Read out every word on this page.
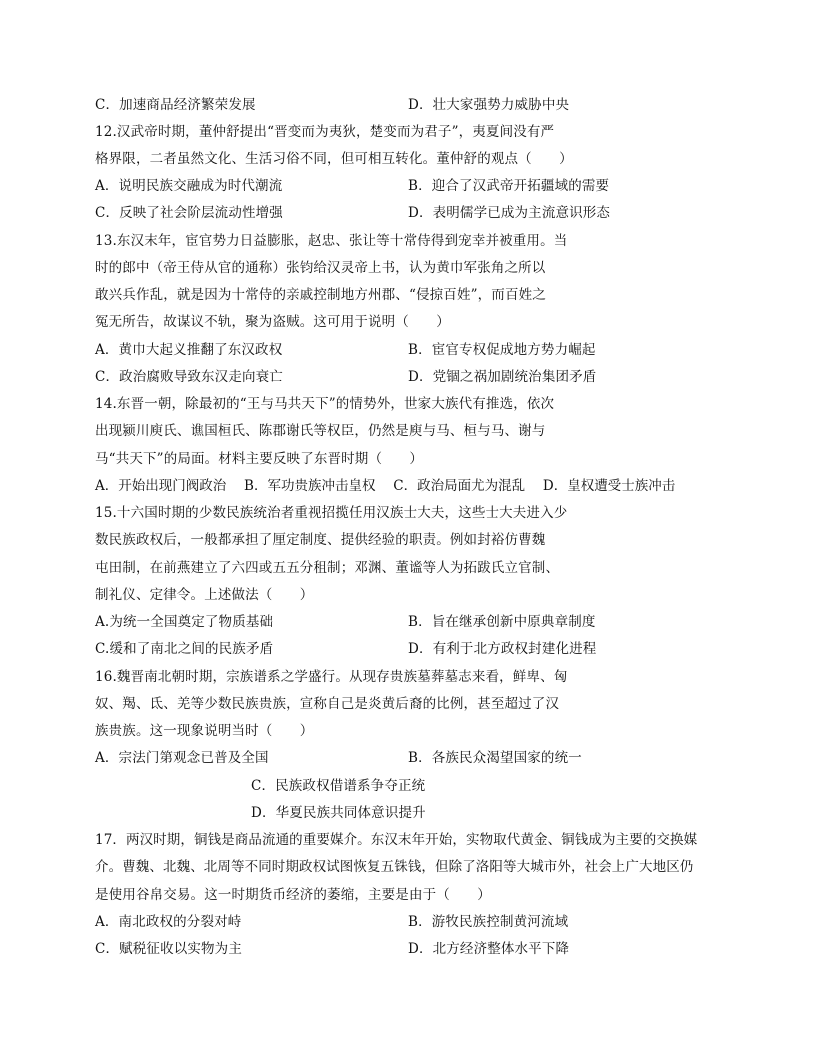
C．加速商品经济繁荣发展	D．壮大家强势力威胁中央
12.汉武帝时期，董仲舒提出“晋变而为夷狄，楚变而为君子”，夷夏间没有严
格界限，二者虽然文化、生活习俗不同，但可相互转化。董仲舒的观点（　　）
A．说明民族交融成为时代潮流	B．迎合了汉武帝开拓疆域的需要
C．反映了社会阶层流动性增强	D．表明儒学已成为主流意识形态
13.东汉末年，宦官势力日益膨胀，赵忠、张让等十常侍得到宠幸并被重用。当
时的郎中（帝王侍从官的通称）张钧给汉灵帝上书，认为黄巾军张角之所以
敢兴兵作乱，就是因为十常侍的亲戚控制地方州郡、“侵掠百姓”，而百姓之
冤无所告，故谋议不轨，聚为盗贼。这可用于说明（　　）
A．黄巾大起义推翻了东汉政权	B．宦官专权促成地方势力崛起
C．政治腐败导致东汉走向衰亡	D．党锢之祸加剧统治集团矛盾
14.东晋一朝，除最初的“王与马共天下”的情势外，世家大族代有推选，依次
出现颍川庾氏、谯国桓氏、陈郡谢氏等权臣，仍然是庾与马、桓与马、谢与
马“共天下”的局面。材料主要反映了东晋时期（　　）
A．开始出现门阀政治　 B．军功贵族冲击皇权　 C．政治局面尤为混乱　 D．皇权遭受士族冲击
15.十六国时期的少数民族统治者重视招揽任用汉族士大夫，这些士大夫进入少
数民族政权后，一般都承担了厘定制度、提供经验的职责。例如封裕仿曹魏
屯田制，在前燕建立了六四或五五分租制；邓渊、董谧等人为拓跋氏立官制、
制礼仪、定律令。上述做法（　　）
A.为统一全国奠定了物质基础	B．旨在继承创新中原典章制度
C.缓和了南北之间的民族矛盾	D．有利于北方政权封建化进程
16.魏晋南北朝时期，宗族谱系之学盛行。从现存贵族墓葬墓志来看，鲜卑、匈
奴、羯、氐、羌等少数民族贵族，宣称自己是炎黄后裔的比例，甚至超过了汉
族贵族。这一现象说明当时（　　）
A．宗法门第观念已普及全国	B．各族民众渴望国家的统一
C．民族政权借谱系争夺正统
D．华夏民族共同体意识提升
17．两汉时期，铜钱是商品流通的重要媒介。东汉末年开始，实物取代黄金、铜钱成为主要的交换媒
介。曹魏、北魏、北周等不同时期政权试图恢复五铢钱，但除了洛阳等大城市外，社会上广大地区仍
是使用谷帛交易。这一时期货币经济的萎缩，主要是由于（　　）
A．南北政权的分裂对峙	B．游牧民族控制黄河流域
C．赋税征收以实物为主	D．北方经济整体水平下降
